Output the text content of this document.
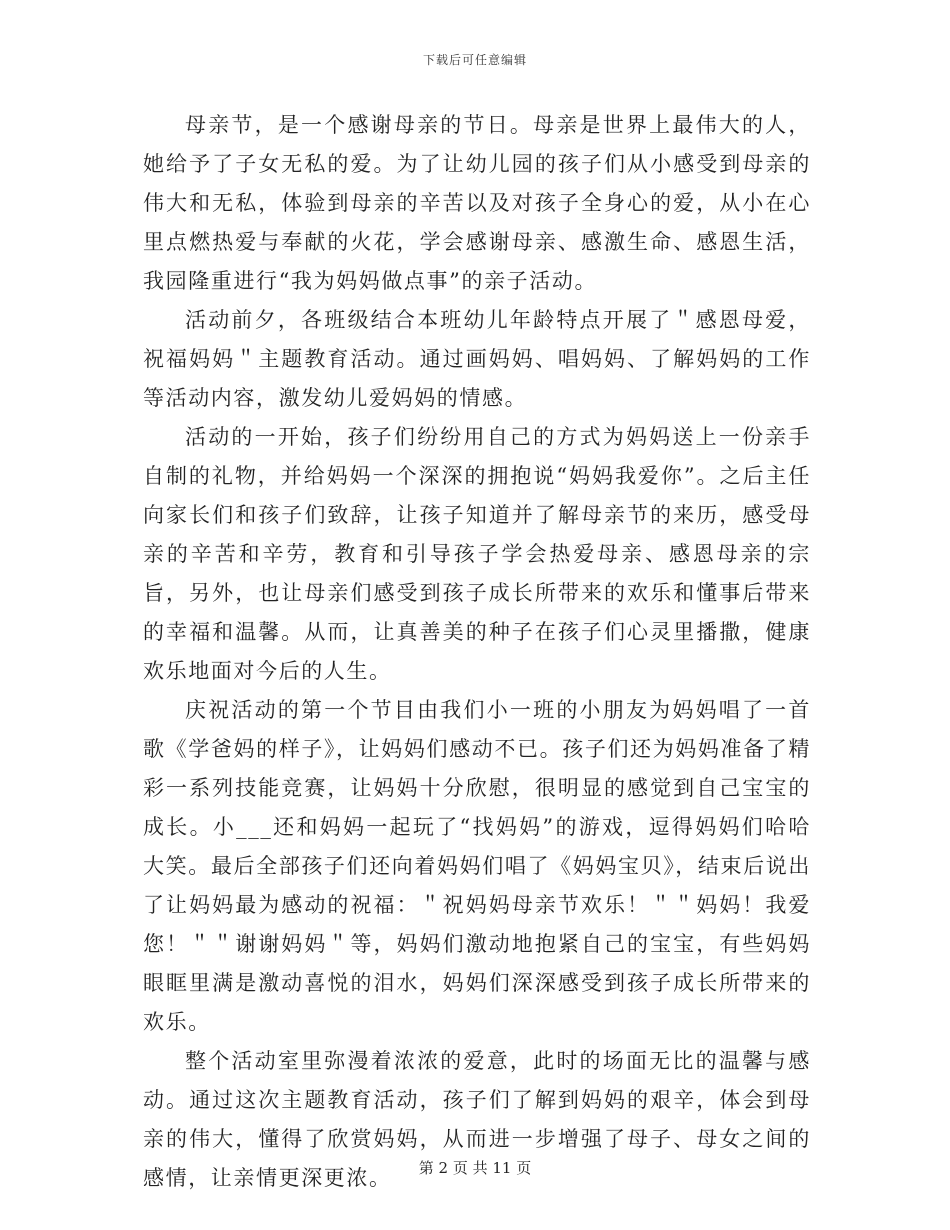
下载后可任意编辑

母亲节，是一个感谢母亲的节日。母亲是世界上最伟大的人，她给予了子女无私的爱。为了让幼儿园的孩子们从小感受到母亲的伟大和无私，体验到母亲的辛苦以及对孩子全身心的爱，从小在心里点燃热爱与奉献的火花，学会感谢母亲、感激生命、感恩生活，我园隆重进行“我为妈妈做点事”的亲子活动。

活动前夕，各班级结合本班幼儿年龄特点开展了＂感恩母爱，祝福妈妈＂主题教育活动。通过画妈妈、唱妈妈、了解妈妈的工作等活动内容，激发幼儿爱妈妈的情感。

活动的一开始，孩子们纷纷用自己的方式为妈妈送上一份亲手自制的礼物，并给妈妈一个深深的拥抱说“妈妈我爱你”。之后主任向家长们和孩子们致辞，让孩子知道并了解母亲节的来历，感受母亲的辛苦和辛劳，教育和引导孩子学会热爱母亲、感恩母亲的宗旨，另外，也让母亲们感受到孩子成长所带来的欢乐和懂事后带来的幸福和温馨。从而，让真善美的种子在孩子们心灵里播撒，健康欢乐地面对今后的人生。

庆祝活动的第一个节目由我们小一班的小朋友为妈妈唱了一首歌《学爸妈的样子》，让妈妈们感动不已。孩子们还为妈妈准备了精彩一系列技能竞赛，让妈妈十分欣慰，很明显的感觉到自己宝宝的成长。小___还和妈妈一起玩了“找妈妈”的游戏，逗得妈妈们哈哈大笑。最后全部孩子们还向着妈妈们唱了《妈妈宝贝》，结束后说出了让妈妈最为感动的祝福：＂祝妈妈母亲节欢乐！＂＂妈妈！我爱您！＂＂谢谢妈妈＂等，妈妈们激动地抱紧自己的宝宝，有些妈妈眼眶里满是激动喜悦的泪水，妈妈们深深感受到孩子成长所带来的欢乐。

整个活动室里弥漫着浓浓的爱意，此时的场面无比的温馨与感动。通过这次主题教育活动，孩子们了解到妈妈的艰辛，体会到母亲的伟大，懂得了欣赏妈妈，从而进一步增强了母子、母女之间的感情，让亲情更深更浓。	第 2 页 共 11 页
